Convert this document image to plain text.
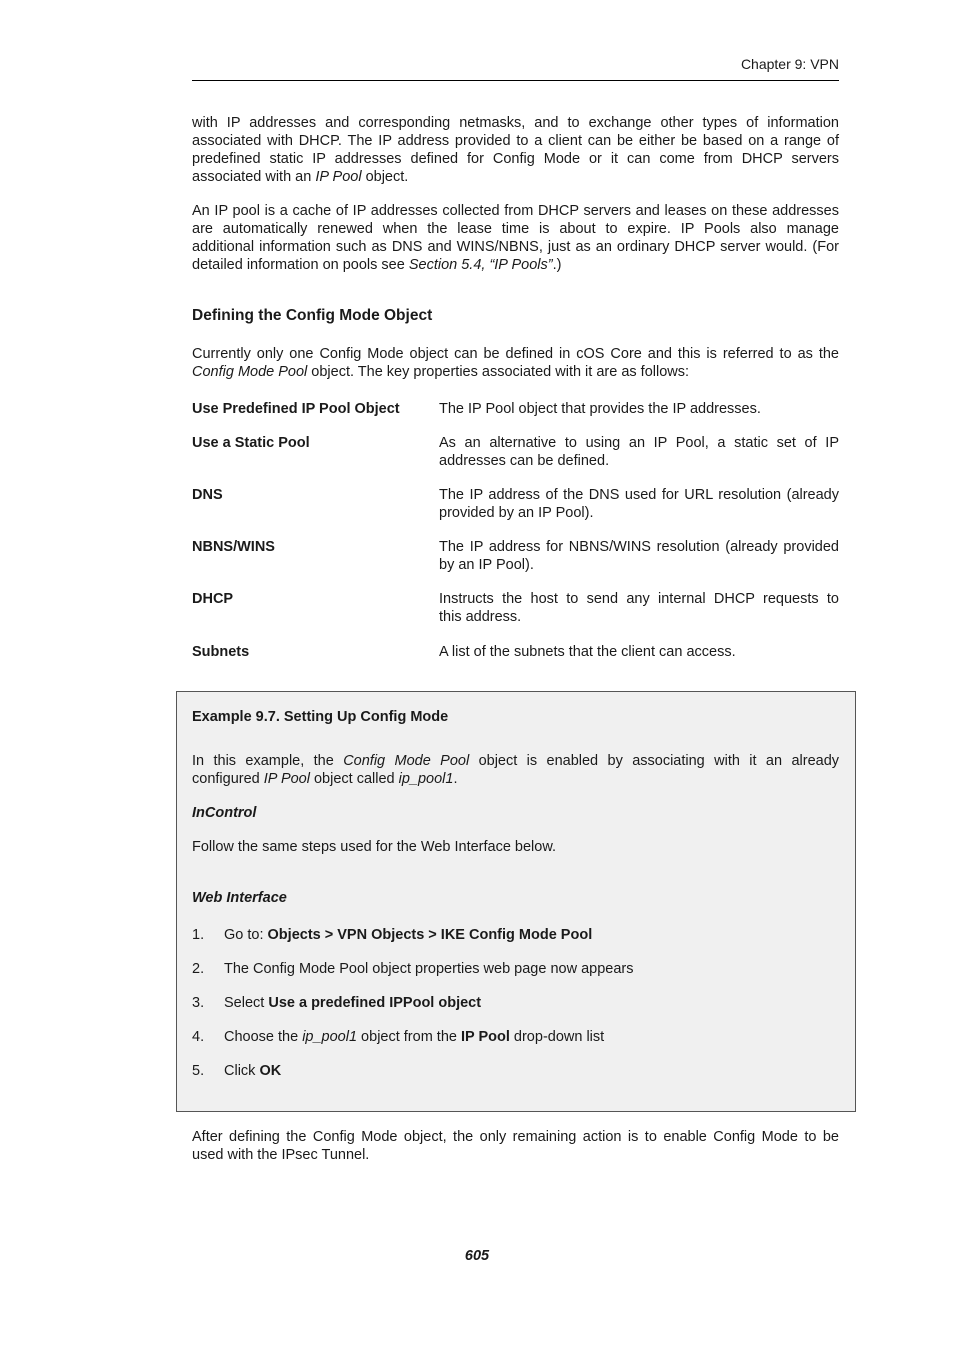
Chapter 9: VPN
with IP addresses and corresponding netmasks, and to exchange other types of information
associated with DHCP. The IP address provided to a client can be either be based on a range of
predefined static IP addresses defined for Config Mode or it can come from DHCP servers
associated with an IP Pool object.
An IP pool is a cache of IP addresses collected from DHCP servers and leases on these addresses
are automatically renewed when the lease time is about to expire. IP Pools also manage
additional information such as DNS and WINS/NBNS, just as an ordinary DHCP server would. (For
detailed information on pools see Section 5.4, “IP Pools”.)
Defining the Config Mode Object
Currently only one Config Mode object can be defined in cOS Core and this is referred to as the
Config Mode Pool object. The key properties associated with it are as follows:
Use Predefined IP Pool Object	The IP Pool object that provides the IP addresses.
Use a Static Pool	As an alternative to using an IP Pool, a static set of IP
addresses can be defined.
DNS	The IP address of the DNS used for URL resolution (already
provided by an IP Pool).
NBNS/WINS	The IP address for NBNS/WINS resolution (already provided
by an IP Pool).
DHCP	Instructs the host to send any internal DHCP requests to
this address.
Subnets	A list of the subnets that the client can access.
Example 9.7. Setting Up Config Mode
In this example, the Config Mode Pool object is enabled by associating with it an already
configured IP Pool object called ip_pool1.
InControl
Follow the same steps used for the Web Interface below.
Web Interface
1. Go to: Objects > VPN Objects > IKE Config Mode Pool
2. The Config Mode Pool object properties web page now appears
3. Select Use a predefined IPPool object
4. Choose the ip_pool1 object from the IP Pool drop-down list
5. Click OK
After defining the Config Mode object, the only remaining action is to enable Config Mode to be
used with the IPsec Tunnel.
605
